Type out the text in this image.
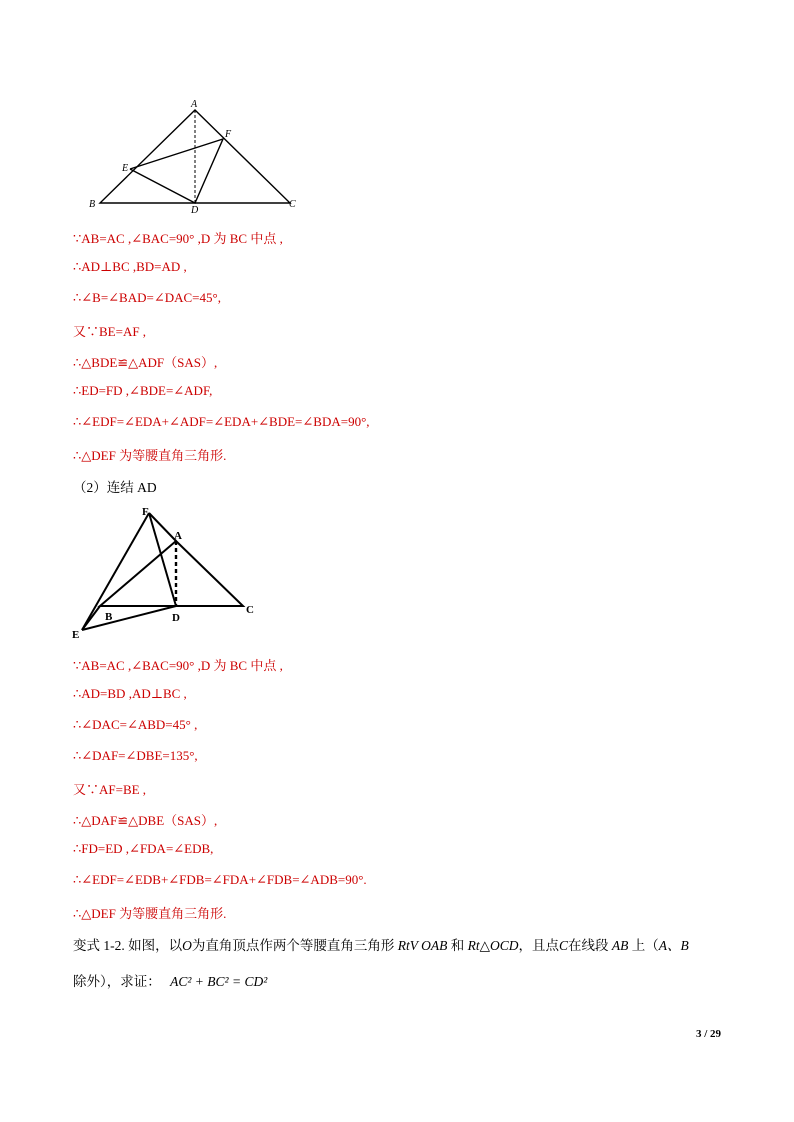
A
F
E
B
D
C
∵AB=AC ,∠BAC=90° ,D 为 BC 中点 ,
∴AD⊥BC ,BD=AD ,
∴∠B=∠BAD=∠DAC=45°,
又∵BE=AF ,
∴△BDE≌△ADF（SAS）,
∴ED=FD ,∠BDE=∠ADF,
∴∠EDF=∠EDA+∠ADF=∠EDA+∠BDE=∠BDA=90°,
∴△DEF 为等腰直角三角形.
（2）连结 AD
F
A
B	D
C
E
∵AB=AC ,∠BAC=90° ,D 为 BC 中点 ,
∴AD=BD ,AD⊥BC ,
∴∠DAC=∠ABD=45° ,
∴∠DAF=∠DBE=135°,
又∵AF=BE ,
∴△DAF≌△DBE（SAS）,
∴FD=ED ,∠FDA=∠EDB,
∴∠EDF=∠EDB+∠FDB=∠FDA+∠FDB=∠ADB=90°.
∴△DEF 为等腰直角三角形.
变式 1-2. 如图，以O为直角顶点作两个等腰直角三角形 RtV OAB 和 Rt△OCD，且点C在线段 AB 上（A、B
除外），求证： AC² + BC² = CD²
3 / 29
